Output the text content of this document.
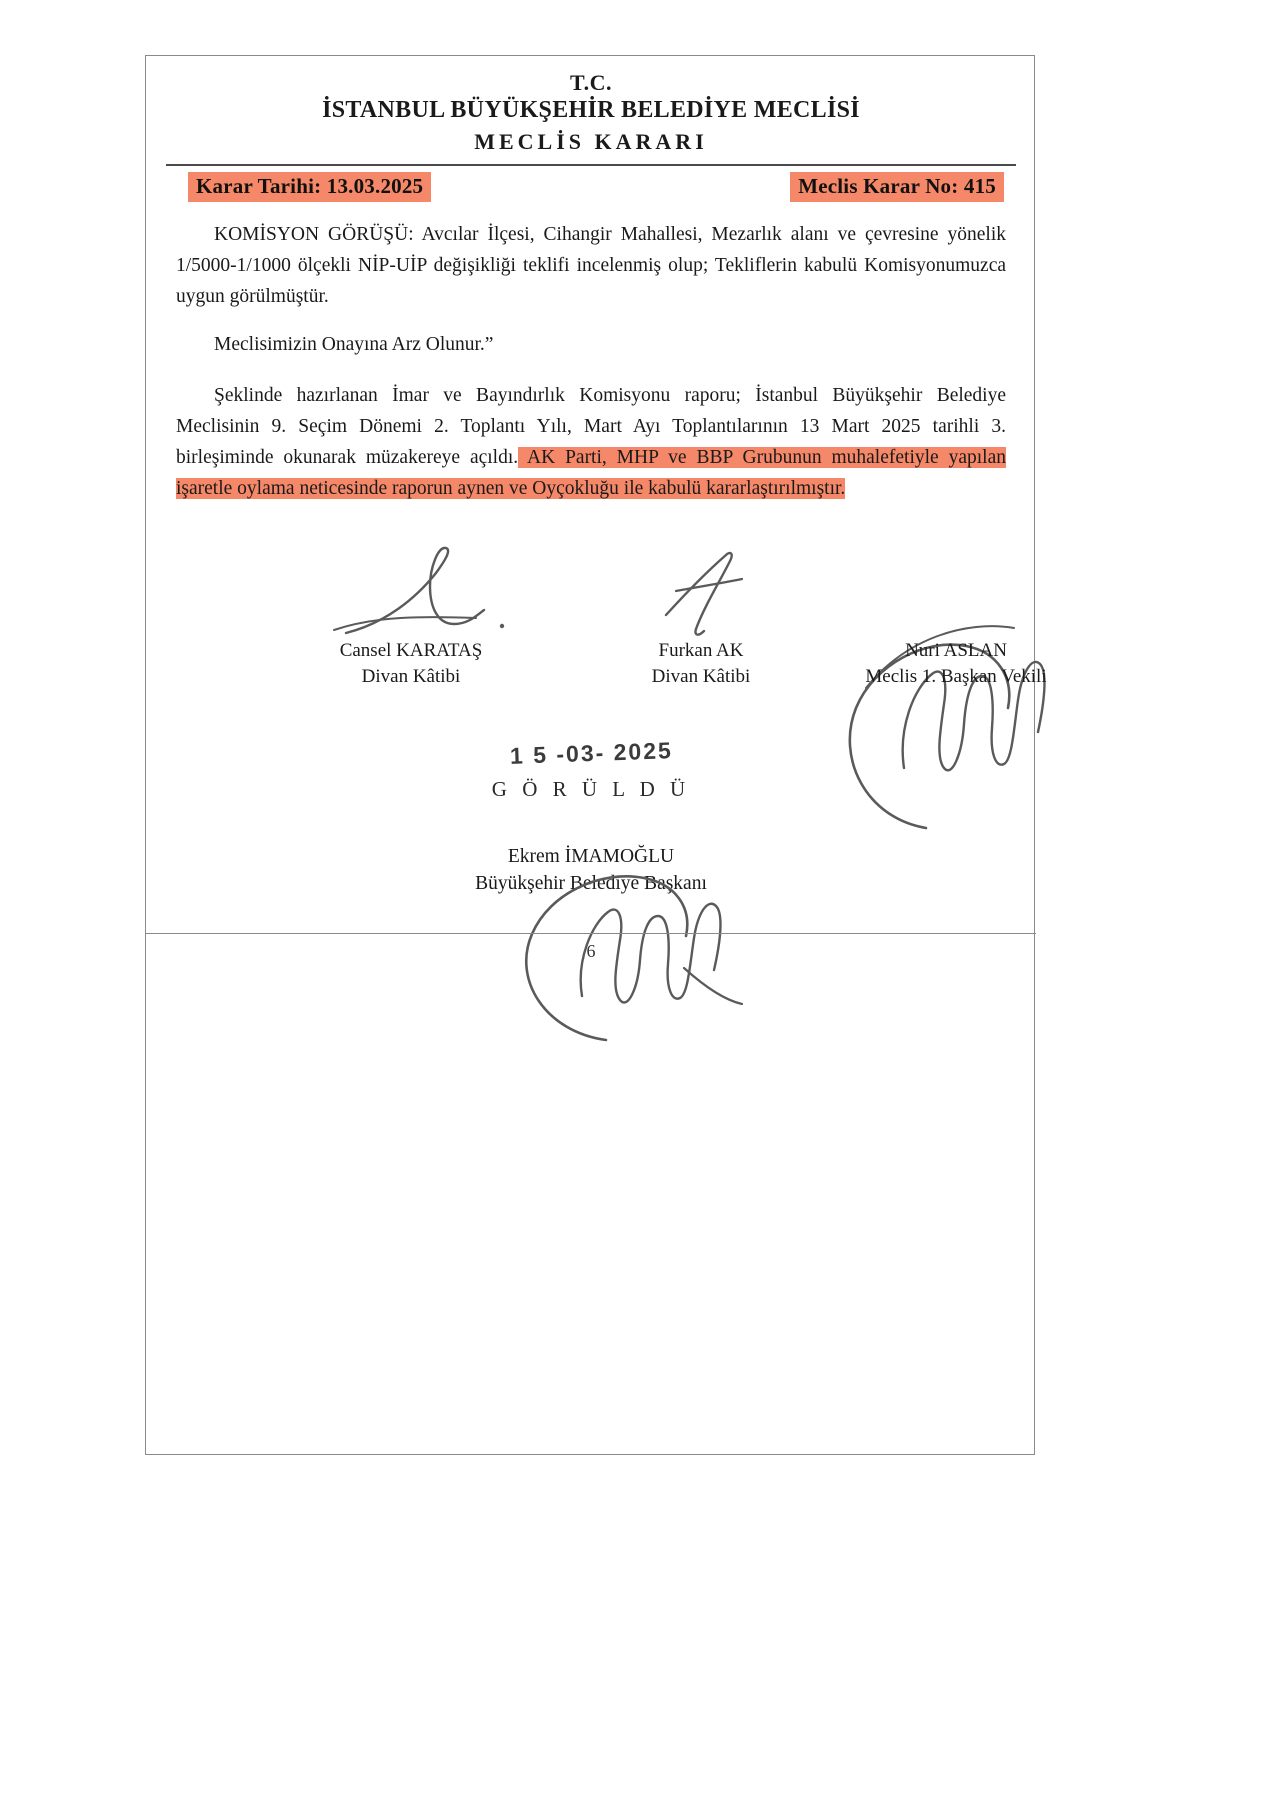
T.C.
İSTANBUL BÜYÜKŞEHİR BELEDİYE MECLİSİ
MECLİS KARARI
Karar Tarihi: 13.03.2025	Meclis Karar No: 415

KOMİSYON GÖRÜŞÜ: Avcılar İlçesi, Cihangir Mahallesi, Mezarlık alanı ve çevresine yönelik 1/5000-1/1000 ölçekli NİP-UİP değişikliği teklifi incelenmiş olup; Tekliflerin kabulü Komisyonumuzca uygun görülmüştür.

Meclisimizin Onayına Arz Olunur.”

Şeklinde hazırlanan İmar ve Bayındırlık Komisyonu raporu; İstanbul Büyükşehir Belediye Meclisinin 9. Seçim Dönemi 2. Toplantı Yılı, Mart Ayı Toplantılarının 13 Mart 2025 tarihli 3. birleşiminde okunarak müzakereye açıldı. AK Parti, MHP ve BBP Grubunun muhalefetiyle yapılan işaretle oylama neticesinde raporun aynen ve Oyçokluğu ile kabulü kararlaştırılmıştır.

Cansel KARATAŞ
Divan Kâtibi
Furkan AK
Divan Kâtibi
Nuri ASLAN
Meclis 1. Başkan Vekili
1 5 -03- 2025
G Ö R Ü L D Ü
Ekrem İMAMOĞLU
Büyükşehir Belediye Başkanı
6
